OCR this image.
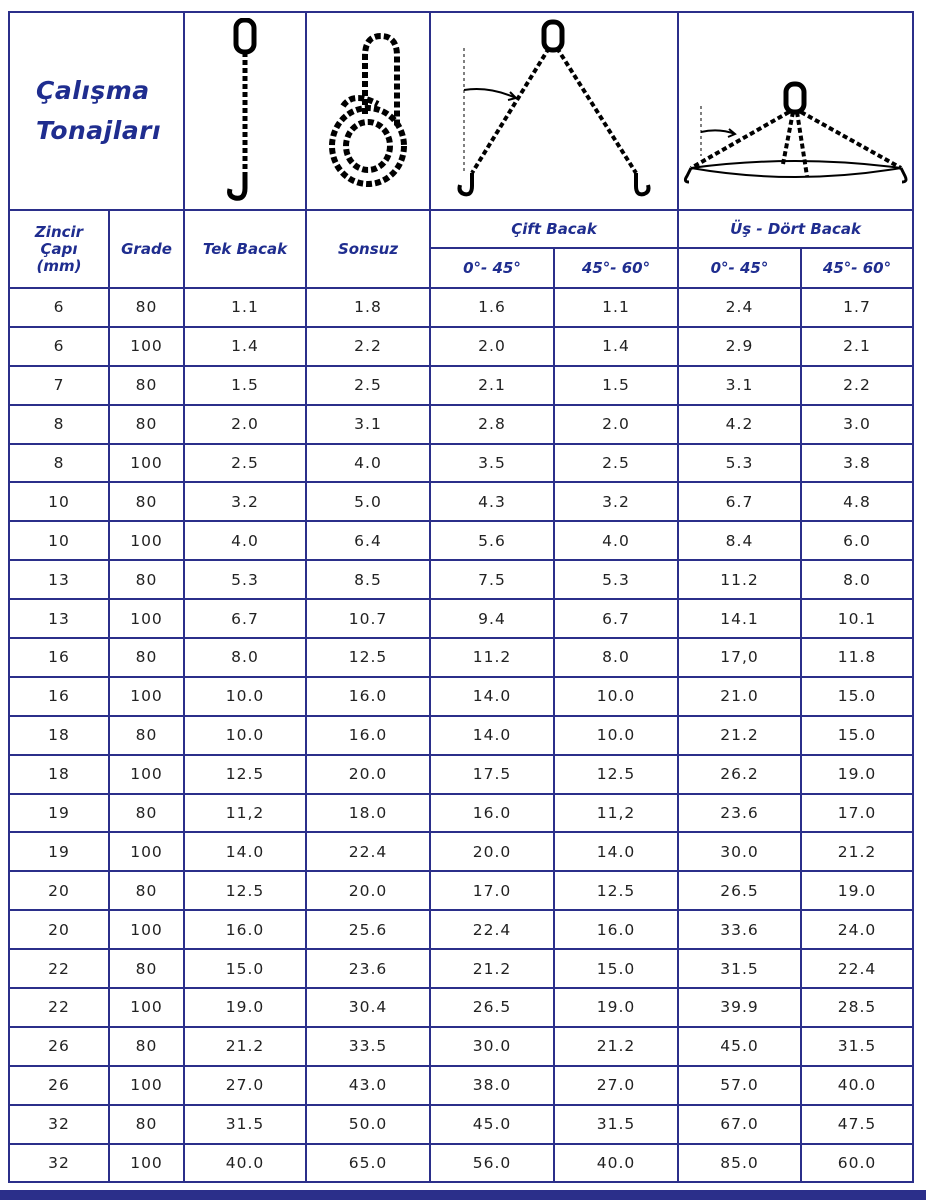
Çalışma
Tonajları

Zincir
Çapı
(mm)	Grade	Tek Bacak	Sonsuz	Çift Bacak		Üş - Dört Bacak	
				0°- 45°	45°- 60°	0°- 45°	45°- 60°
6	80	1.1	1.8	1.6	1.1	2.4	1.7
6	100	1.4	2.2	2.0	1.4	2.9	2.1
7	80	1.5	2.5	2.1	1.5	3.1	2.2
8	80	2.0	3.1	2.8	2.0	4.2	3.0
8	100	2.5	4.0	3.5	2.5	5.3	3.8
10	80	3.2	5.0	4.3	3.2	6.7	4.8
10	100	4.0	6.4	5.6	4.0	8.4	6.0
13	80	5.3	8.5	7.5	5.3	11.2	8.0
13	100	6.7	10.7	9.4	6.7	14.1	10.1
16	80	8.0	12.5	11.2	8.0	17,0	11.8
16	100	10.0	16.0	14.0	10.0	21.0	15.0
18	80	10.0	16.0	14.0	10.0	21.2	15.0
18	100	12.5	20.0	17.5	12.5	26.2	19.0
19	80	11,2	18.0	16.0	11,2	23.6	17.0
19	100	14.0	22.4	20.0	14.0	30.0	21.2
20	80	12.5	20.0	17.0	12.5	26.5	19.0
20	100	16.0	25.6	22.4	16.0	33.6	24.0
22	80	15.0	23.6	21.2	15.0	31.5	22.4
22	100	19.0	30.4	26.5	19.0	39.9	28.5
26	80	21.2	33.5	30.0	21.2	45.0	31.5
26	100	27.0	43.0	38.0	27.0	57.0	40.0
32	80	31.5	50.0	45.0	31.5	67.0	47.5
32	100	40.0	65.0	56.0	40.0	85.0	60.0
